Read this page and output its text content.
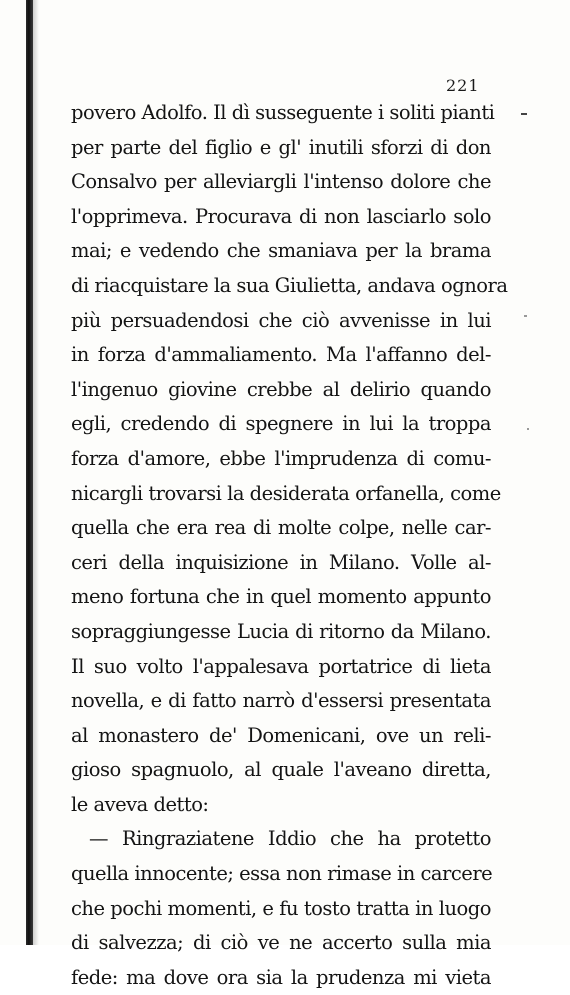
221
povero Adolfo. Il dì susseguente i soliti pianti
per parte del figlio e gl' inutili sforzi di don
Consalvo per alleviargli l'intenso dolore che
l'opprimeva. Procurava di non lasciarlo solo
mai; e vedendo che smaniava per la brama
di riacquistare la sua Giulietta, andava ognora
più persuadendosi che ciò avvenisse in lui
in forza d'ammaliamento. Ma l'affanno del-
l'ingenuo giovine crebbe al delirio quando
egli, credendo di spegnere in lui la troppa
forza d'amore, ebbe l'imprudenza di comu-
nicargli trovarsi la desiderata orfanella, come
quella che era rea di molte colpe, nelle car-
ceri della inquisizione in Milano. Volle al-
meno fortuna che in quel momento appunto
sopraggiungesse Lucia di ritorno da Milano.
Il suo volto l'appalesava portatrice di lieta
novella, e di fatto narrò d'essersi presentata
al monastero de' Domenicani, ove un reli-
gioso spagnuolo, al quale l'aveano diretta,
le aveva detto:
— Ringraziatene Iddio che ha protetto
quella innocente; essa non rimase in carcere
che pochi momenti, e fu tosto tratta in luogo
di salvezza; di ciò ve ne accerto sulla mia
fede: ma dove ora sia la prudenza mi vieta
